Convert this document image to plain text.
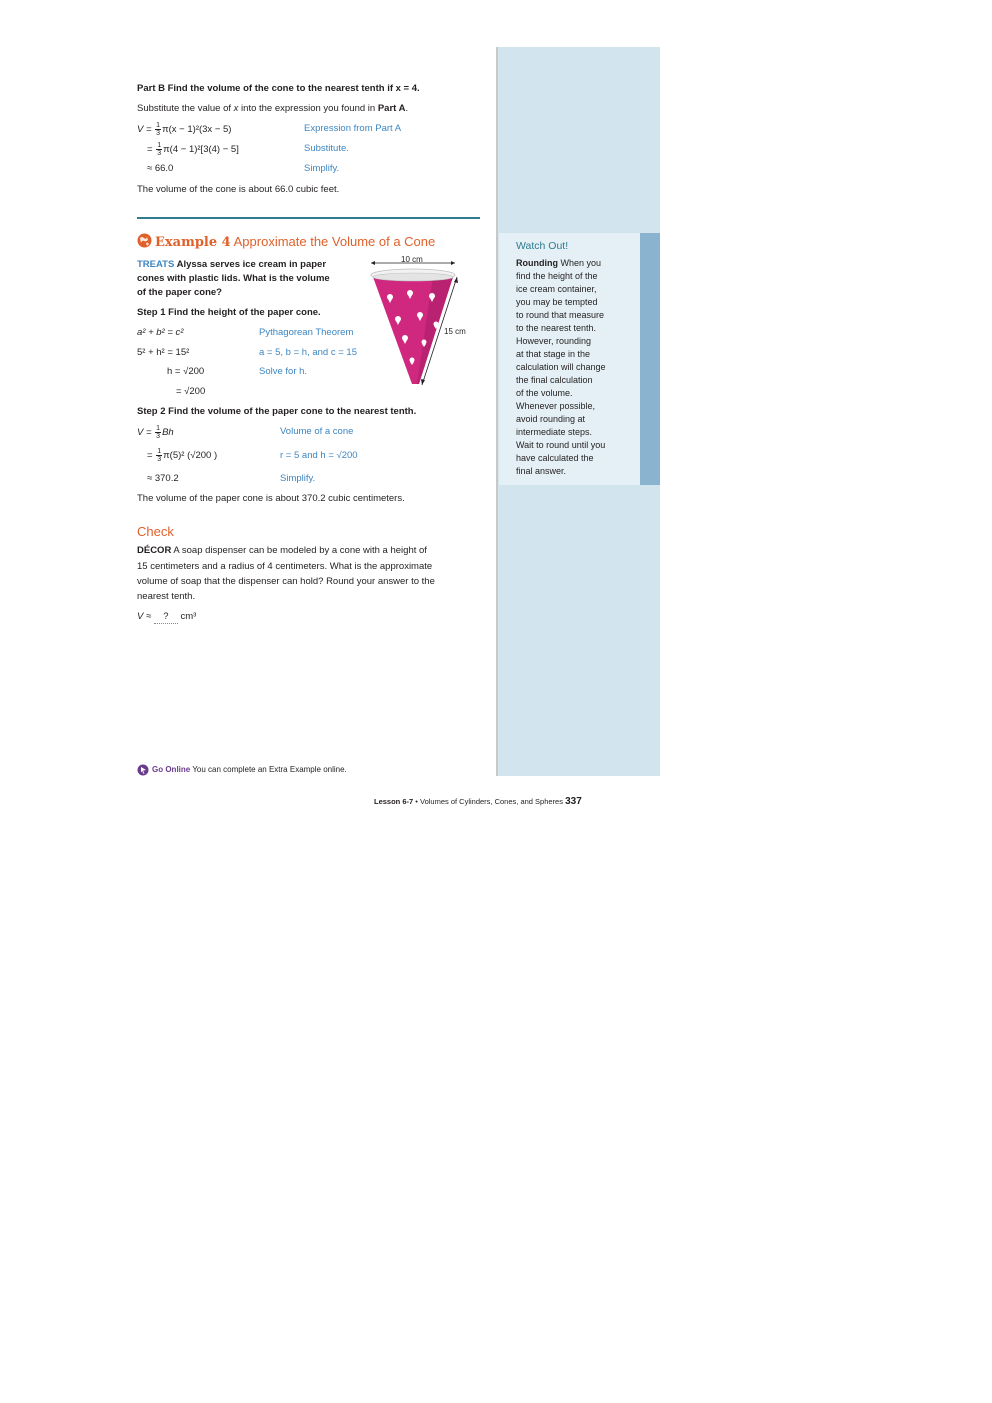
Part B Find the volume of the cone to the nearest tenth if x = 4.
Substitute the value of x into the expression you found in Part A.
$V = \frac{1}{3} \pi(x - 1)^2(3x - 5)$	Expression from Part A
= $\frac{1}{3} \pi(4 - 1)^2[3(4) - 5]$	Substitute.
≈ 66.0	Simplify.
The volume of the cone is about 66.0 cubic feet.
Example 4 Approximate the Volume of a Cone
TREATS Alyssa serves ice cream in paper
cones with plastic lids. What is the volume
of the paper cone?
10 cm
15 cm
Step 1 Find the height of the paper cone.
a² + b² = c²	Pythagorean Theorem
5² + h² = 15²	a = 5, b = h, and c = 15
h = √200	Solve for h.
= √200
Step 2 Find the volume of the paper cone to the nearest tenth.
$V = \frac{1}{3}$ Bh	Volume of a cone
= $\frac{1}{3} \pi(5)^2$ (√200 )	r = 5 and h = √200
≈ 370.2	Simplify.
The volume of the paper cone is about 370.2 cubic centimeters.
Check
DÉCOR A soap dispenser can be modeled by a cone with a height of
15 centimeters and a radius of 4 centimeters. What is the approximate
volume of soap that the dispenser can hold? Round your answer to the
nearest tenth.
V ≈ ? cm³
Watch Out!
Rounding When you
find the height of the
ice cream container,
you may be tempted
to round that measure
to the nearest tenth.
However, rounding
at that stage in the
calculation will change
the final calculation
of the volume.
Whenever possible,
avoid rounding at
intermediate steps.
Wait to round until you
have calculated the
final answer.
Go Online You can complete an Extra Example online.
Lesson 6-7 • Volumes of Cylinders, Cones, and Spheres 337
